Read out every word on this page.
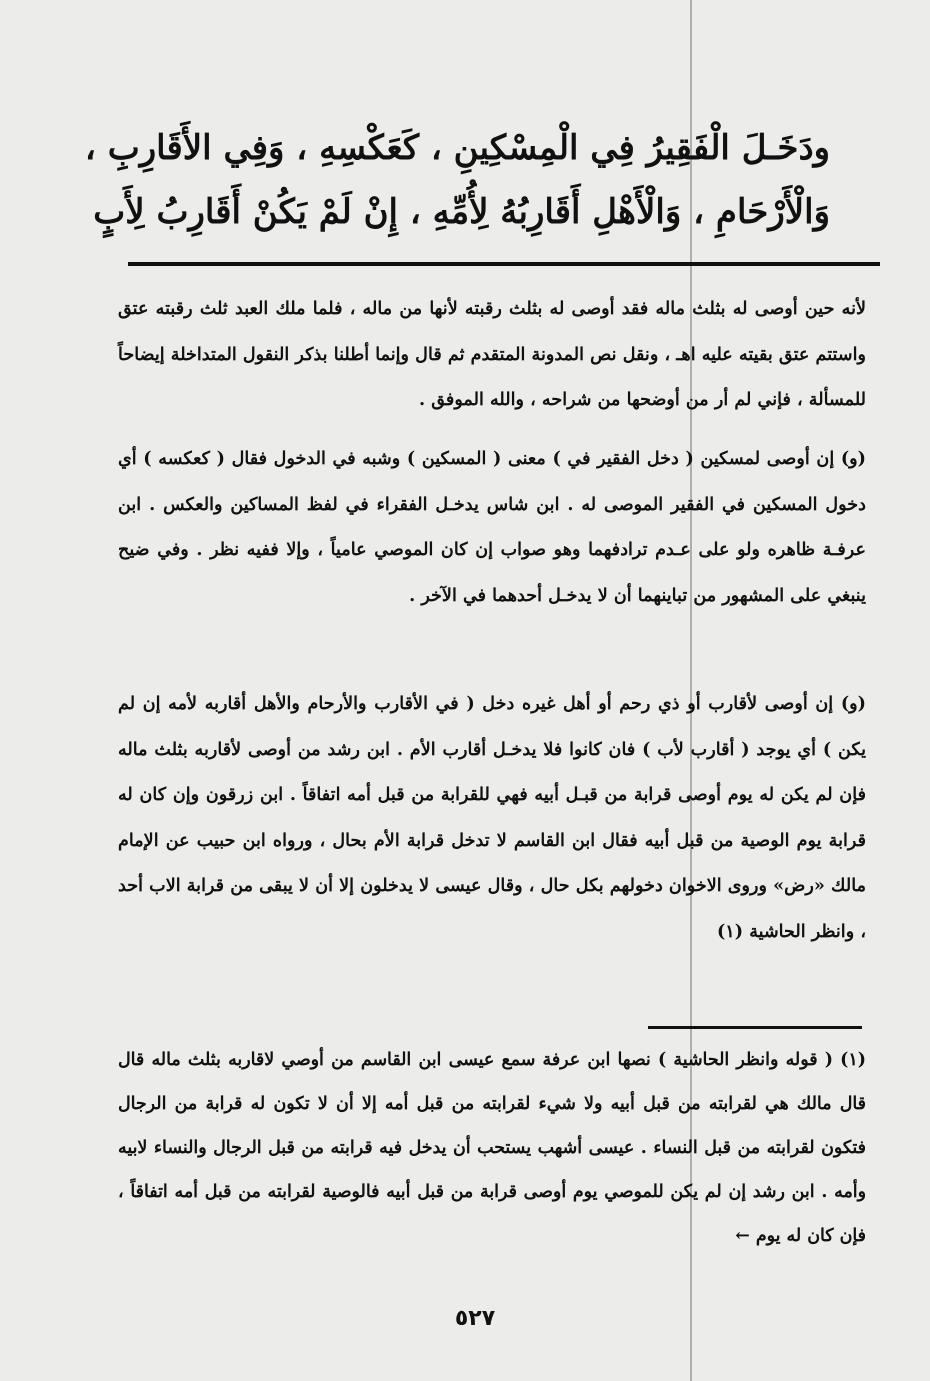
ودَخَـلَ الْفَقِيرُ فِي الْمِسْكِينِ ، كَعَكْسِهِ ، وَفِي الأَقَارِبِ ،
وَالْأَرْحَامِ ، وَالْأَهْلِ أَقَارِبُهُ لِأُمِّهِ ، إِنْ لَمْ يَكُنْ أَقَارِبُ لِأَبٍ

لأنه حين أوصى له بثلث ماله فقد أوصى له بثلث رقبته لأنها من ماله ، فلما ملك العبد ثلث رقبته عتق واستتم عتق بقيته عليه اهـ ، ونقل نص المدونة المتقدم ثم قال وإنما أطلنا بذكر النقول المتداخلة إيضاحاً للمسألة ، فإني لم أر من أوضحها من شراحه ، والله الموفق .

(و) إن أوصى لمسكين ( دخل الفقير في ) معنى ( المسكين ) وشبه في الدخول فقال ( كعكسه ) أي دخول المسكين في الفقير الموصى له . ابن شاس يدخـل الفقراء في لفظ المساكين والعكس . ابن عرفـة ظاهره ولو على عـدم ترادفهما وهو صواب إن كان الموصي عامياً ، وإلا ففيه نظر . وفي ضيح ينبغي على المشهور من تباينهما أن لا يدخـل أحدهما في الآخر .

(و) إن أوصى لأقارب أو ذي رحم أو أهل غيره دخل ( في الأقارب والأرحام والأهل أقاربه لأمه إن لم يكن ) أي يوجد ( أقارب لأب ) فان كانوا فلا يدخـل أقارب الأم . ابن رشد من أوصى لأقاربه بثلث ماله فإن لم يكن له يوم أوصى قرابة من قبـل أبيه فهي للقرابة من قبل أمه اتفاقاً . ابن زرقون وإن كان له قرابة يوم الوصية من قبل أبيه فقال ابن القاسم لا تدخل قرابة الأم بحال ، ورواه ابن حبيب عن الإمام مالك «رض» وروى الاخوان دخولهم بكل حال ، وقال عيسى لا يدخلون إلا أن لا يبقى من قرابة الاب أحد ، وانظر الحاشية (١)

(١) ( قوله وانظر الحاشية ) نصها ابن عرفة سمع عيسى ابن القاسم من أوصي لاقاربه بثلث ماله قال قال مالك هي لقرابته من قبل أبيه ولا شيء لقرابته من قبل أمه إلا أن لا تكون له قرابة من الرجال فتكون لقرابته من قبل النساء . عيسى أشهب يستحب أن يدخل فيه قرابته من قبل الرجال والنساء لابيه وأمه . ابن رشد إن لم يكن للموصي يوم أوصى قرابة من قبل أبيه فالوصية لقرابته من قبل أمه اتفاقاً ، فإن كان له يوم ←

٥٢٧
